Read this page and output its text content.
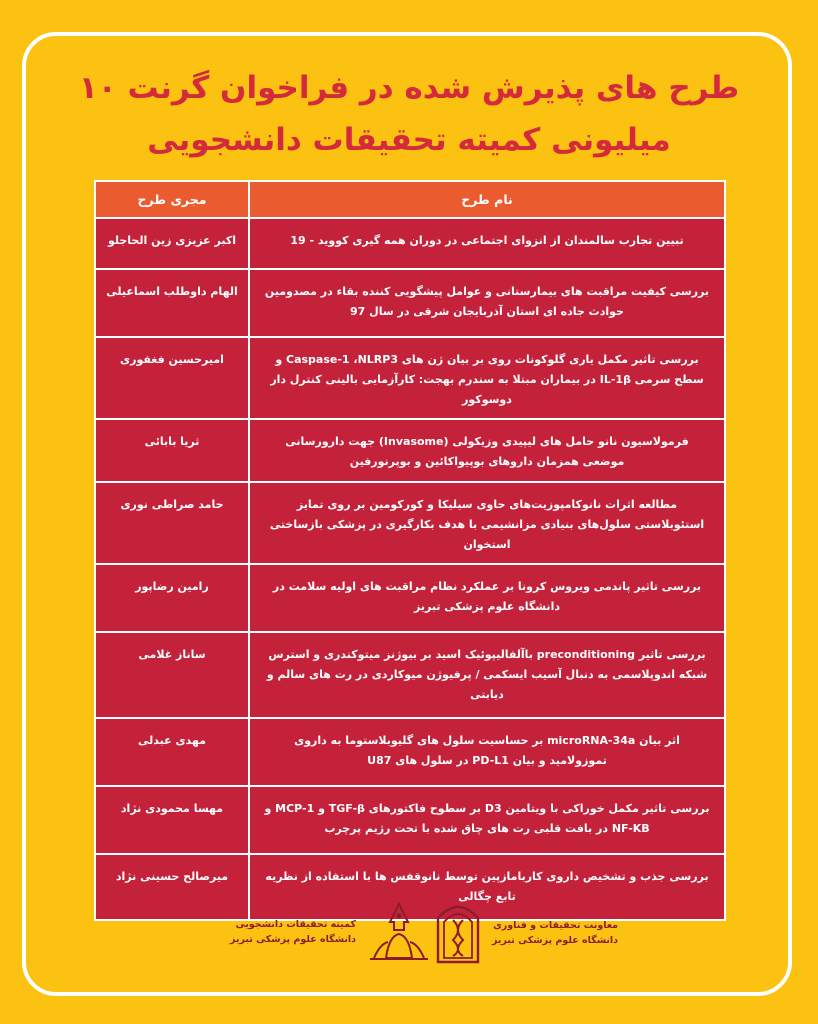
طرح های پذیرش شده در فراخوان گرنت ۱۰
میلیونی کمیته تحقیقات دانشجویی
نام طرح	مجری طرح
تبیین تجارب سالمندان از انزوای اجتماعی در دوران همه گیری کووید - 19	اکبر عزیزی زین الحاجلو
بررسی کیفیت مراقبت های بیمارستانی و عوامل پیشگویی کننده بقاء در مصدومین حوادث جاده ای استان آذربایجان شرقی در سال 97	الهام داوطلب اسماعیلی
بررسی تاثیر مکمل یاری گلوکونات روی بر بیان ژن های Caspase-1 ،NLRP3 و سطح سرمی IL-1β در بیماران مبتلا به سندرم بهجت: کارآزمایی بالینی کنترل دار دوسوکور	امیرحسین فغفوری
فرمولاسیون نانو حامل های لیپیدی وزیکولی (Invasome) جهت دارورسانی موضعی همزمان داروهای بوپیواکائین و بوپرنورفین	ثریا بابائی
مطالعه اثرات نانوکامپوزیت‌های حاوی سیلیکا و کورکومین بر روی تمایز استئوبلاستی سلول‌های بنیادی مزانشیمی با هدف بکارگیری در پزشکی بازساختی استخوان	حامد صراطی نوری
بررسی تاثیر پاندمی ویروس کرونا بر عملکرد نظام مراقبت های اولیه سلامت در دانشگاه علوم پزشکی تبریز	رامین رضاپور
بررسی تاثیر preconditioning باآلفالیپوئیک اسید بر بیوژنز میتوکندری و استرس شبکه اندوپلاسمی به دنبال آسیب ایسکمی / پرفیوژن میوکاردی در رت های سالم و دیابتی	ساناز غلامی
اثر بیان microRNA-34a بر حساسیت سلول های گلیوبلاستوما به داروی تموزولامید و بیان PD-L1 در سلول های U87	مهدی عبدلی
بررسی تاثیر مکمل خوراکی با ویتامین D3 بر سطوح فاکتورهای TGF-β و MCP-1 و NF-KB در بافت قلبی رت های چاق شده با تحت رژیم پرچرب	مهسا محمودی نژاد
بررسی جذب و تشخیص داروی کاربامازپین توسط نانوقفس ها با استفاده از نظریه تابع چگالی	میرصالح حسینی نژاد
کمیته تحقیقات دانشجویی
دانشگاه علوم پزشکی تبریز
معاونت تحقیقات و فناوری
دانشگاه علوم پزشکی تبریز
